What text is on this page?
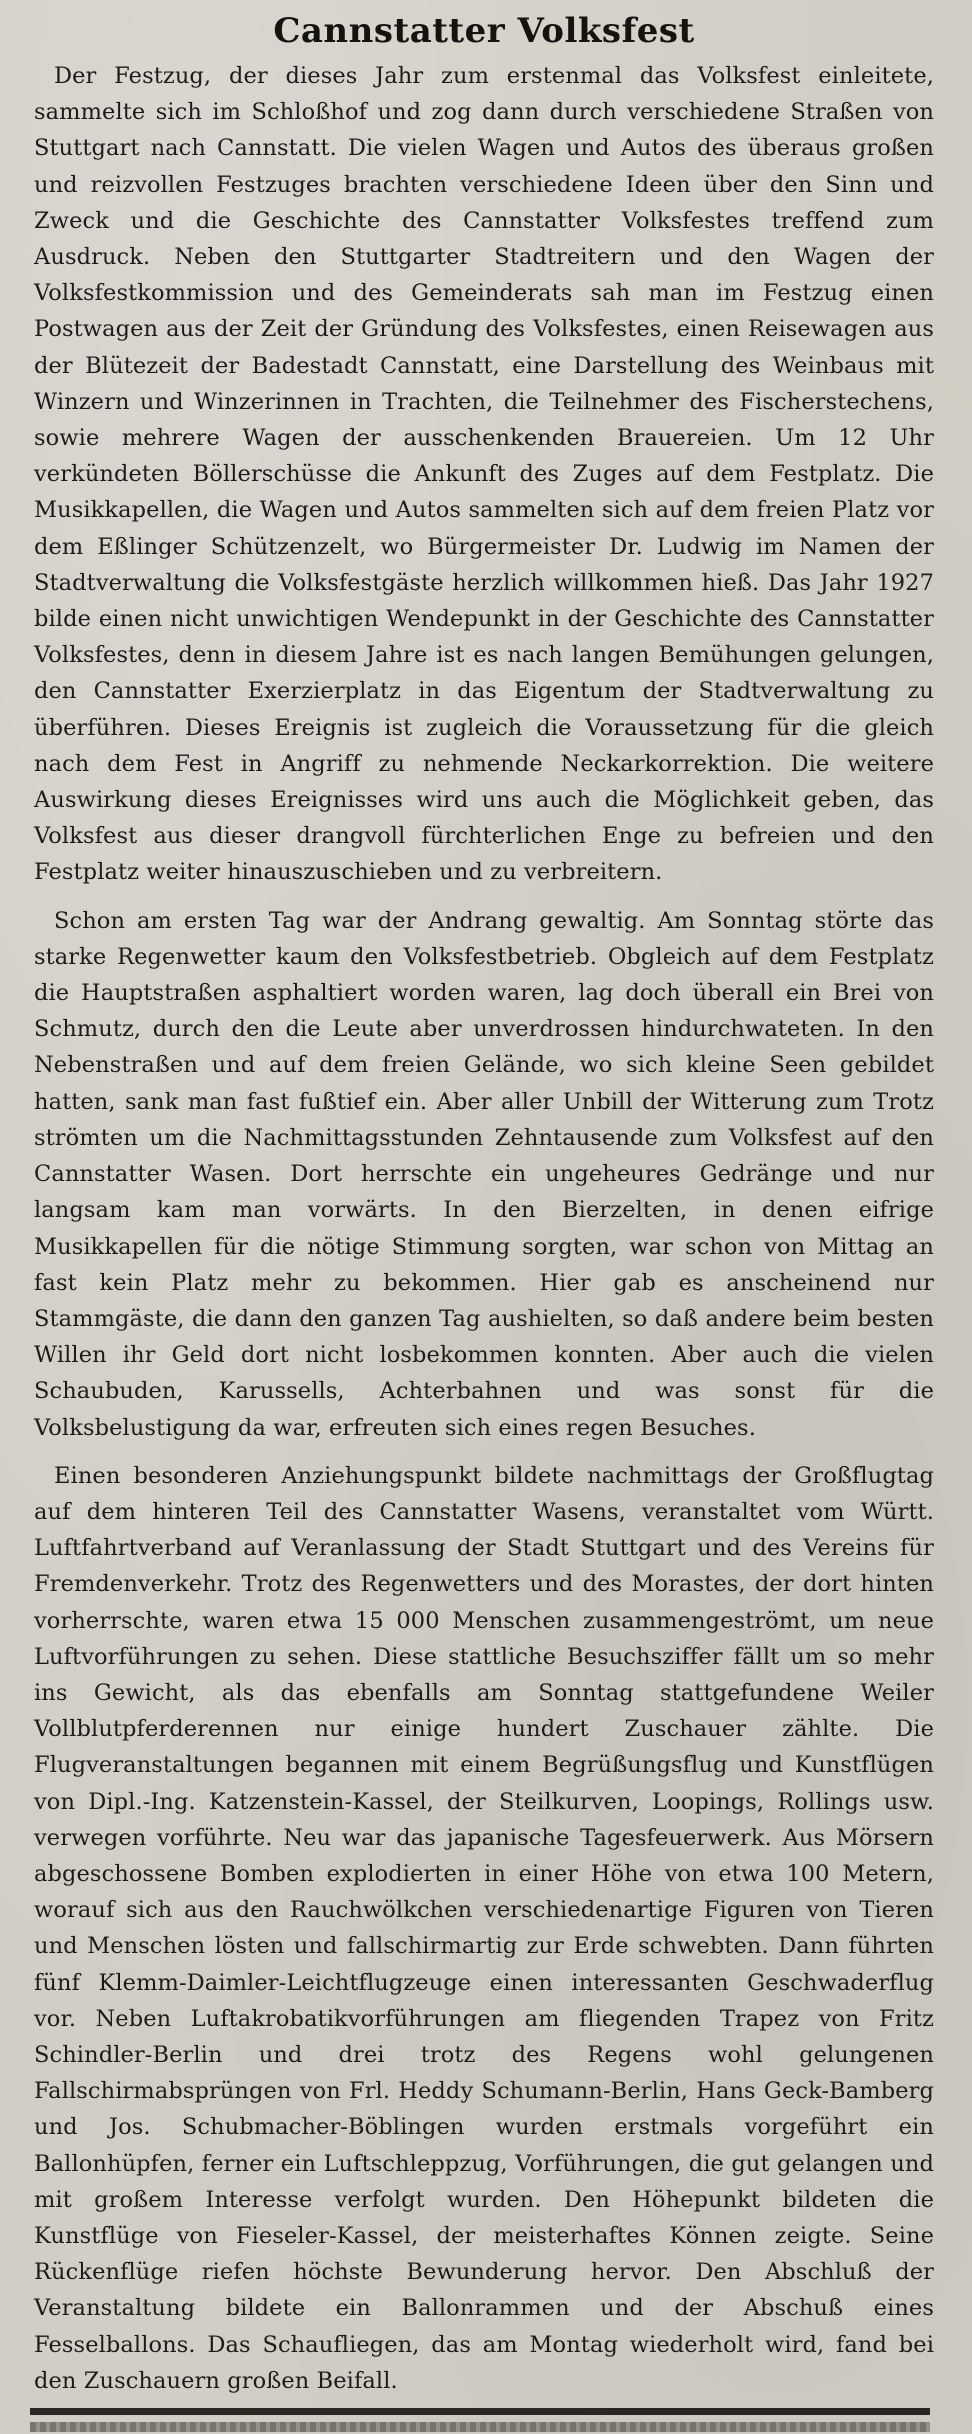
Cannstatter Volksfest

Der Festzug, der dieses Jahr zum erstenmal das Volksfest einleitete, sammelte sich im Schloßhof und zog dann durch verschiedene Straßen von Stuttgart nach Cannstatt. Die vielen Wagen und Autos des überaus großen und reizvollen Festzuges brachten verschiedene Ideen über den Sinn und Zweck und die Geschichte des Cannstatter Volksfestes treffend zum Ausdruck. Neben den Stuttgarter Stadtreitern und den Wagen der Volksfestkommission und des Gemeinderats sah man im Festzug einen Postwagen aus der Zeit der Gründung des Volksfestes, einen Reisewagen aus der Blütezeit der Badestadt Cannstatt, eine Darstellung des Weinbaus mit Winzern und Winzerinnen in Trachten, die Teilnehmer des Fischerstechens, sowie mehrere Wagen der ausschenkenden Brauereien. Um 12 Uhr verkündeten Böllerschüsse die Ankunft des Zuges auf dem Festplatz. Die Musikkapellen, die Wagen und Autos sammelten sich auf dem freien Platz vor dem Eßlinger Schützenzelt, wo Bürgermeister Dr. Ludwig im Namen der Stadtverwaltung die Volksfestgäste herzlich willkommen hieß. Das Jahr 1927 bilde einen nicht unwichtigen Wendepunkt in der Geschichte des Cannstatter Volksfestes, denn in diesem Jahre ist es nach langen Bemühungen gelungen, den Cannstatter Exerzierplatz in das Eigentum der Stadtverwaltung zu überführen. Dieses Ereignis ist zugleich die Voraussetzung für die gleich nach dem Fest in Angriff zu nehmende Neckarkorrektion. Die weitere Auswirkung dieses Ereignisses wird uns auch die Möglichkeit geben, das Volksfest aus dieser drangvoll fürchterlichen Enge zu befreien und den Festplatz weiter hinauszuschieben und zu verbreitern.

Schon am ersten Tag war der Andrang gewaltig. Am Sonntag störte das starke Regenwetter kaum den Volksfestbetrieb. Obgleich auf dem Festplatz die Hauptstraßen asphaltiert worden waren, lag doch überall ein Brei von Schmutz, durch den die Leute aber unverdrossen hindurchwateten. In den Nebenstraßen und auf dem freien Gelände, wo sich kleine Seen gebildet hatten, sank man fast fußtief ein. Aber aller Unbill der Witterung zum Trotz strömten um die Nachmittagsstunden Zehntausende zum Volksfest auf den Cannstatter Wasen. Dort herrschte ein ungeheures Gedränge und nur langsam kam man vorwärts. In den Bierzelten, in denen eifrige Musikkapellen für die nötige Stimmung sorgten, war schon von Mittag an fast kein Platz mehr zu bekommen. Hier gab es anscheinend nur Stammgäste, die dann den ganzen Tag aushielten, so daß andere beim besten Willen ihr Geld dort nicht losbekommen konnten. Aber auch die vielen Schaubuden, Karussells, Achterbahnen und was sonst für die Volksbelustigung da war, erfreuten sich eines regen Besuches.

Einen besonderen Anziehungspunkt bildete nachmittags der Großflugtag auf dem hinteren Teil des Cannstatter Wasens, veranstaltet vom Württ. Luftfahrtverband auf Veranlassung der Stadt Stuttgart und des Vereins für Fremdenverkehr. Trotz des Regenwetters und des Morastes, der dort hinten vorherrschte, waren etwa 15 000 Menschen zusammengeströmt, um neue Luftvorführungen zu sehen. Diese stattliche Besuchsziffer fällt um so mehr ins Gewicht, als das ebenfalls am Sonntag stattgefundene Weiler Vollblutpferderennen nur einige hundert Zuschauer zählte. Die Flugveranstaltungen begannen mit einem Begrüßungsflug und Kunstflügen von Dipl.-Ing. Katzenstein-Kassel, der Steilkurven, Loopings, Rollings usw. verwegen vorführte. Neu war das japanische Tagesfeuerwerk. Aus Mörsern abgeschossene Bomben explodierten in einer Höhe von etwa 100 Metern, worauf sich aus den Rauchwölkchen verschiedenartige Figuren von Tieren und Menschen lösten und fallschirmartig zur Erde schwebten. Dann führten fünf Klemm-Daimler-Leichtflugzeuge einen interessanten Geschwaderflug vor. Neben Luftakrobatikvorführungen am fliegenden Trapez von Fritz Schindler-Berlin und drei trotz des Regens wohl gelungenen Fallschirmabsprüngen von Frl. Heddy Schumann-Berlin, Hans Geck-Bamberg und Jos. Schubmacher-Böblingen wurden erstmals vorgeführt ein Ballonhüpfen, ferner ein Luftschleppzug, Vorführungen, die gut gelangen und mit großem Interesse verfolgt wurden. Den Höhepunkt bildeten die Kunstflüge von Fieseler-Kassel, der meisterhaftes Können zeigte. Seine Rückenflüge riefen höchste Bewunderung hervor. Den Abschluß der Veranstaltung bildete ein Ballonrammen und der Abschuß eines Fesselballons. Das Schaufliegen, das am Montag wiederholt wird, fand bei den Zuschauern großen Beifall.
